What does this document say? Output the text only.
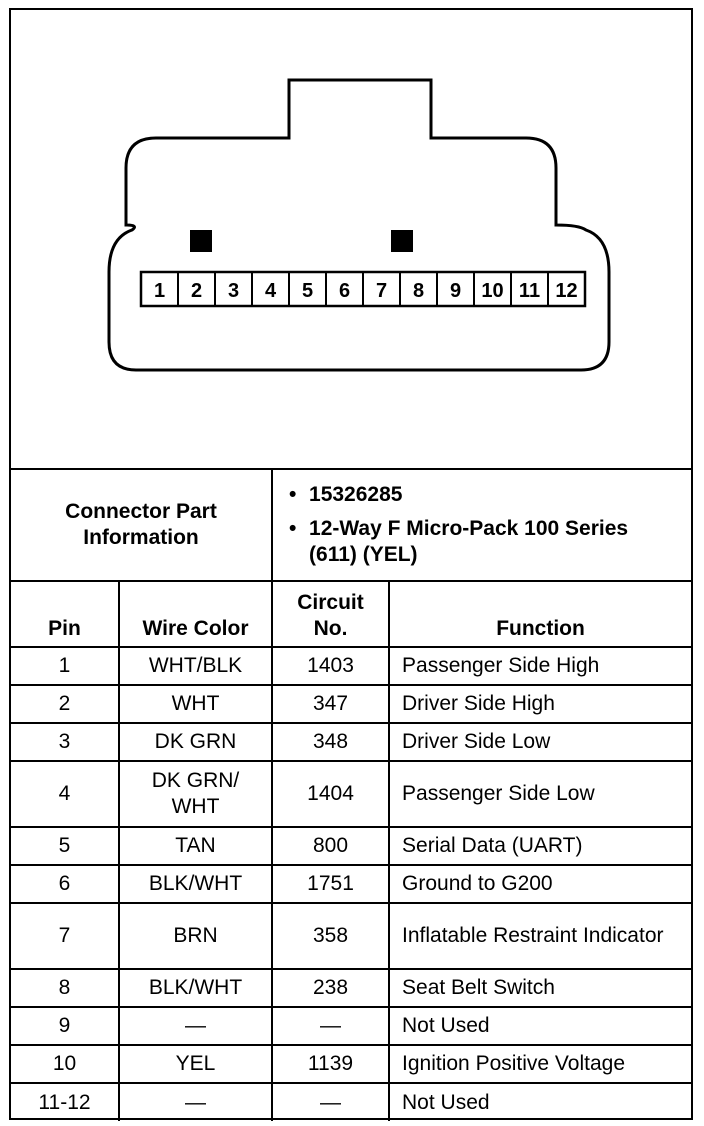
1 2 3 4 5 6 7 8 9 10 11 12
Connector Part Information		• 15326285
• 12-Way F Micro-Pack 100 Series (611) (YEL)

Pin	Wire Color	Circuit No.	Function
1	WHT/BLK	1403	Passenger Side High
2	WHT	347	Driver Side High
3	DK GRN	348	Driver Side Low
4	DK GRN/ WHT	1404	Passenger Side Low
5	TAN	800	Serial Data (UART)
6	BLK/WHT	1751	Ground to G200
7	BRN	358	Inflatable Restraint Indicator
8	BLK/WHT	238	Seat Belt Switch
9	—	—	Not Used
10	YEL	1139	Ignition Positive Voltage
11-12	—	—	Not Used
